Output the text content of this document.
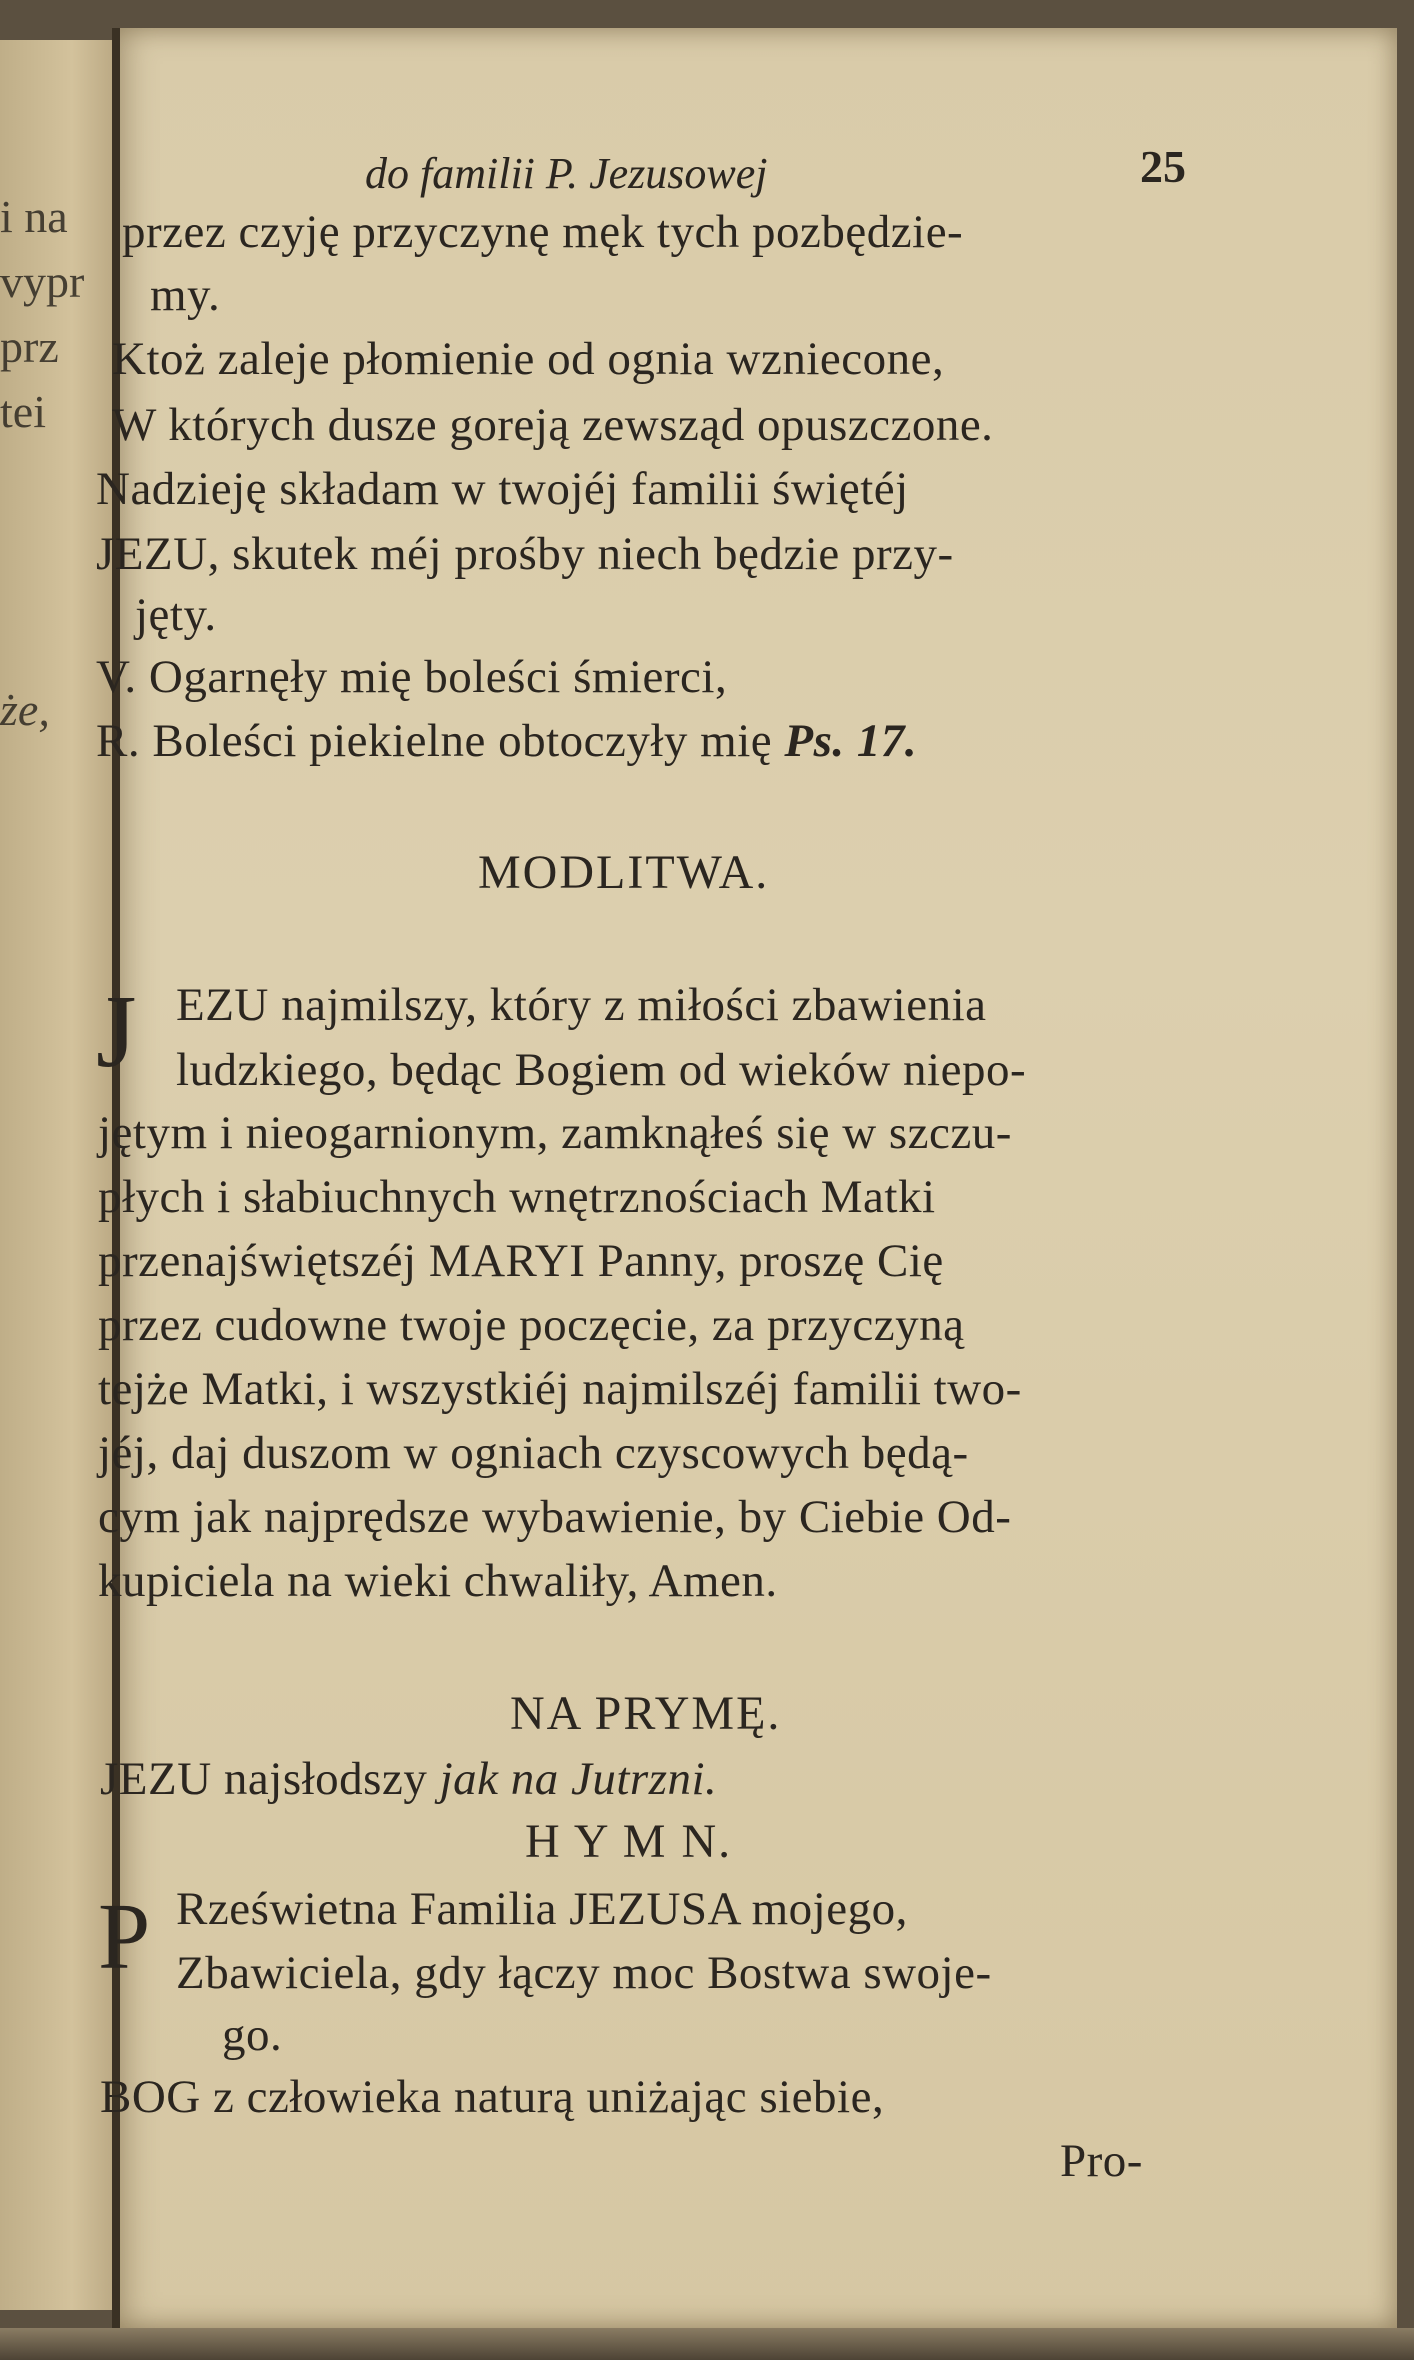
i na
vypr
prz
tei
że,
do familii P. Jezusowej	25
przez czyję przyczynę męk tych pozbędzie-
my.
Ktoż zaleje płomienie od ognia wzniecone,
W których dusze goreją zewsząd opuszczone.
Nadzieję składam w twojéj familii świętéj
JEZU, skutek méj prośby niech będzie przy-
jęty.
V. Ogarnęły mię boleści śmierci,
R. Boleści piekielne obtoczyły mię Ps. 17.
MODLITWA.
J EZU najmilszy, który z miłości zbawienia
ludzkiego, będąc Bogiem od wieków niepo-
jętym i nieogarnionym, zamknąłeś się w szczu-
płych i słabiuchnych wnętrznościach Matki
przenajświętszéj MARYI Panny, proszę Cię
przez cudowne twoje poczęcie, za przyczyną
tejże Matki, i wszystkiéj najmilszéj familii two-
jéj, daj duszom w ogniach czyscowych będą-
cym jak najprędsze wybawienie, by Ciebie Od-
kupiciela na wieki chwaliły, Amen.
NA PRYMĘ.
JEZU najsłodszy jak na Jutrzni.
H Y M N.
P Rześwietna Familia JEZUSA mojego,
Zbawiciela, gdy łączy moc Bostwa swoje-
go.
BOG z człowieka naturą uniżając siebie,
Pro-
